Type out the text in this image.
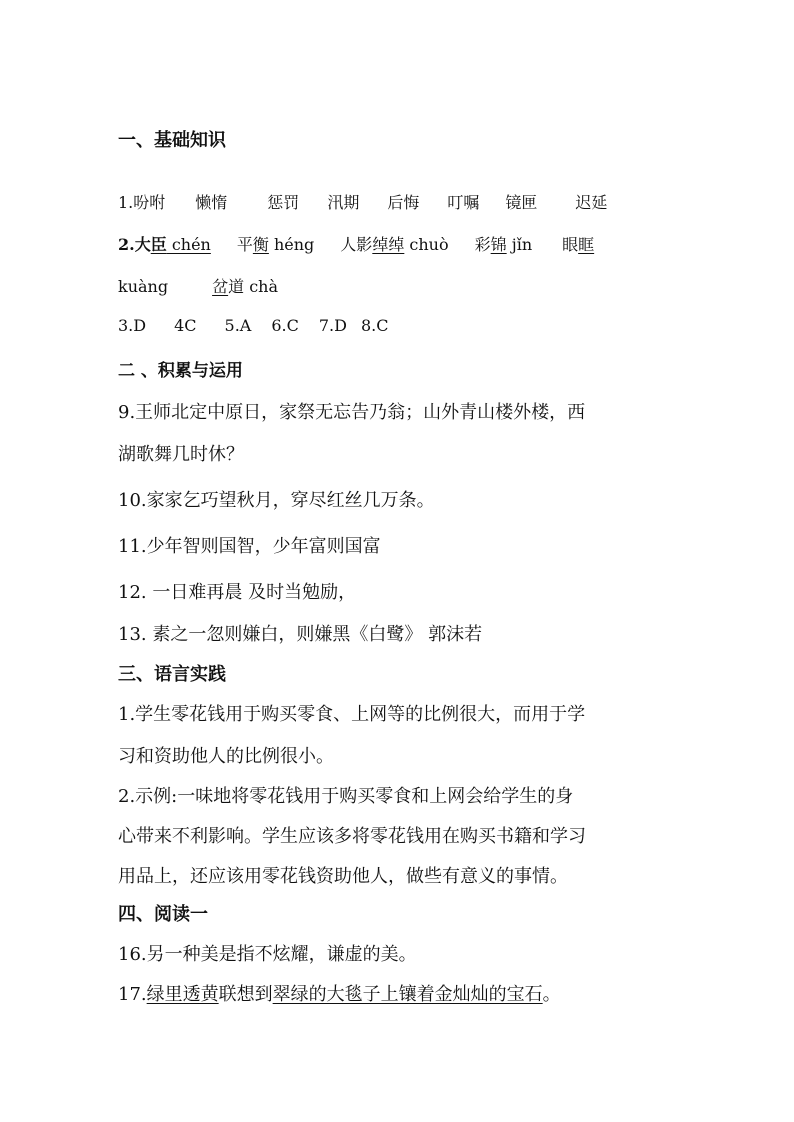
一、基础知识
1.吩咐 懒惰	惩罚 汛期 后悔 叮嘱 镜匣 迟延
2.大臣 chén 平衡 héng 人影绰绰 chuò 彩锦 jǐn 眼眶
kuàng	岔道 chà
3.D 4C 5.A 6.C 7.D 8.C
二 、积累与运用
9.王师北定中原日，家祭无忘告乃翁；山外青山楼外楼，西
湖歌舞几时休？
10.家家乞巧望秋月，穿尽红丝几万条。
11.少年智则国智，少年富则国富
12. 一日难再晨 及时当勉励，
13. 素之一忽则嫌白，则嫌黑《白鹭》 郭沫若
三、语言实践
1.学生零花钱用于购买零食、上网等的比例很大，而用于学
习和资助他人的比例很小。
2.示例:一味地将零花钱用于购买零食和上网会给学生的身
心带来不利影响。学生应该多将零花钱用在购买书籍和学习
用品上，还应该用零花钱资助他人，做些有意义的事情。
四、阅读一
16.另一种美是指不炫耀，谦虚的美。
17.绿里透黄联想到翠绿的大毯子上镶着金灿灿的宝石。
